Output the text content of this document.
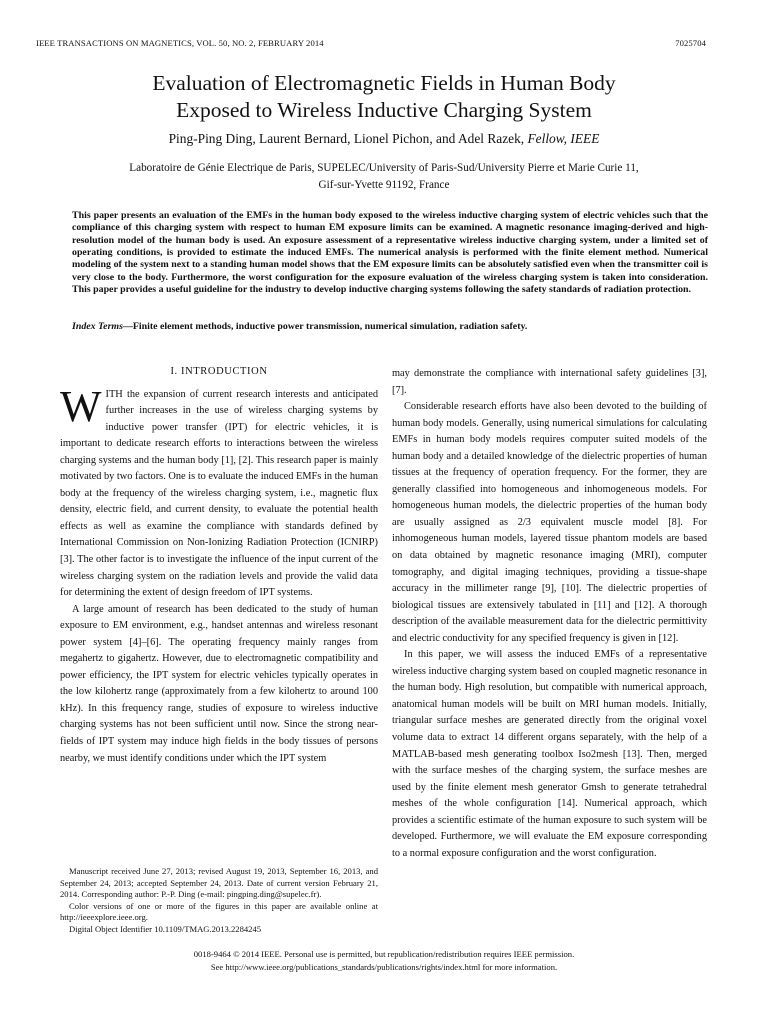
IEEE TRANSACTIONS ON MAGNETICS, VOL. 50, NO. 2, FEBRUARY 2014	7025704
Evaluation of Electromagnetic Fields in Human Body
Exposed to Wireless Inductive Charging System
Ping-Ping Ding, Laurent Bernard, Lionel Pichon, and Adel Razek, Fellow, IEEE
Laboratoire de Génie Electrique de Paris, SUPELEC/University of Paris-Sud/University Pierre et Marie Curie 11,
Gif-sur-Yvette 91192, France
This paper presents an evaluation of the EMFs in the human body exposed to the wireless inductive charging system of electric vehicles such that the compliance of this charging system with respect to human EM exposure limits can be examined. A magnetic resonance imaging-derived and high-resolution model of the human body is used. An exposure assessment of a representative wireless inductive charging system, under a limited set of operating conditions, is provided to estimate the induced EMFs. The numerical analysis is performed with the finite element method. Numerical modeling of the system next to a standing human model shows that the EM exposure limits can be absolutely satisfied even when the transmitter coil is very close to the body. Furthermore, the worst configuration for the exposure evaluation of the wireless charging system is taken into consideration. This paper provides a useful guideline for the industry to develop inductive charging systems following the safety standards of radiation protection.
Index Terms—Finite element methods, inductive power transmission, numerical simulation, radiation safety.
I. INTRODUCTION

WITH the expansion of current research interests and anticipated further increases in the use of wireless charging systems by inductive power transfer (IPT) for electric vehicles, it is important to dedicate research efforts to interactions between the wireless charging systems and the human body [1], [2]. This research paper is mainly motivated by two factors. One is to evaluate the induced EMFs in the human body at the frequency of the wireless charging system, i.e., magnetic flux density, electric field, and current density, to evaluate the potential health effects as well as examine the compliance with standards defined by International Commission on Non-Ionizing Radiation Protection (ICNIRP) [3]. The other factor is to investigate the influence of the input current of the wireless charging system on the radiation levels and provide the valid data for determining the extent of design freedom of IPT systems.

A large amount of research has been dedicated to the study of human exposure to EM environment, e.g., handset antennas and wireless resonant power system [4]–[6]. The operating frequency mainly ranges from megahertz to gigahertz. However, due to electromagnetic compatibility and power efficiency, the IPT system for electric vehicles typically operates in the low kilohertz range (approximately from a few kilohertz to around 100 kHz). In this frequency range, studies of exposure to wireless inductive charging systems has not been sufficient until now. Since the strong near-fields of IPT system may induce high fields in the body tissues of persons nearby, we must identify conditions under which the IPT system

may demonstrate the compliance with international safety guidelines [3], [7].

Considerable research efforts have also been devoted to the building of human body models. Generally, using numerical simulations for calculating EMFs in human body models requires computer suited models of the human body and a detailed knowledge of the dielectric properties of human tissues at the frequency of operation frequency. For the former, they are generally classified into homogeneous and inhomogeneous models. For homogeneous human models, the dielectric properties of the human body are usually assigned as 2/3 equivalent muscle model [8]. For inhomogeneous human models, layered tissue phantom models are based on data obtained by magnetic resonance imaging (MRI), computer tomography, and digital imaging techniques, providing a tissue-shape accuracy in the millimeter range [9], [10]. The dielectric properties of biological tissues are extensively tabulated in [11] and [12]. A thorough description of the available measurement data for the dielectric permittivity and electric conductivity for any specified frequency is given in [12].

In this paper, we will assess the induced EMFs of a representative wireless inductive charging system based on coupled magnetic resonance in the human body. High resolution, but compatible with numerical approach, anatomical human models will be built on MRI human models. Initially, triangular surface meshes are generated directly from the original voxel volume data to extract 14 different organs separately, with the help of a MATLAB-based mesh generating toolbox Iso2mesh [13]. Then, merged with the surface meshes of the charging system, the surface meshes are used by the finite element mesh generator Gmsh to generate tetrahedral meshes of the whole configuration [14]. Numerical approach, which provides a scientific estimate of the human exposure to such system will be developed. Furthermore, we will evaluate the EM exposure corresponding to a normal exposure configuration and the worst configuration.

Manuscript received June 27, 2013; revised August 19, 2013, September 16, 2013, and September 24, 2013; accepted September 24, 2013. Date of current version February 21, 2014. Corresponding author: P.-P. Ding (e-mail: pingping.ding@supelec.fr).

Color versions of one or more of the figures in this paper are available online at http://ieeexplore.ieee.org.

Digital Object Identifier 10.1109/TMAG.2013.2284245

0018-9464 © 2014 IEEE. Personal use is permitted, but republication/redistribution requires IEEE permission.
See http://www.ieee.org/publications_standards/publications/rights/index.html for more information.
